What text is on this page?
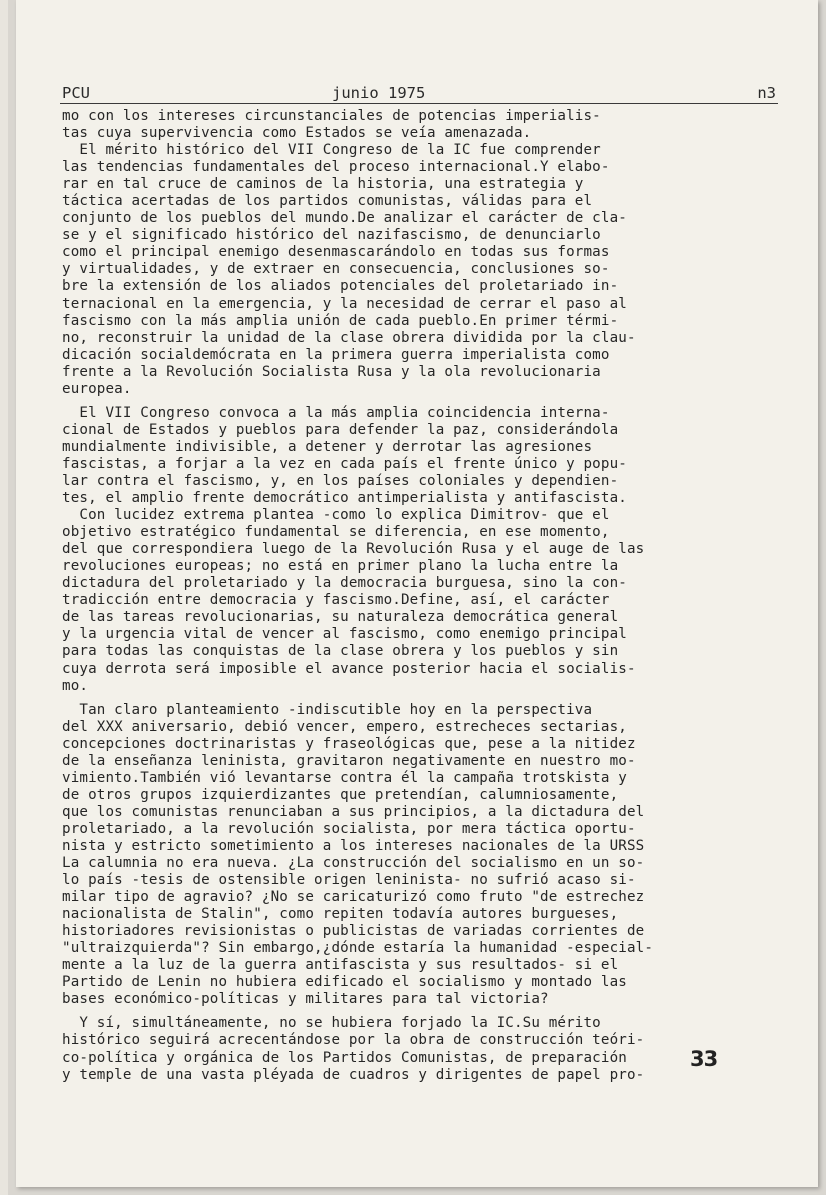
PCU	junio 1975	n3
mo con los intereses circunstanciales de potencias imperialis-
tas cuya supervivencia como Estados se veía amenazada.
El mérito histórico del VII Congreso de la IC fue comprender
las tendencias fundamentales del proceso internacional.Y elabo-
rar en tal cruce de caminos de la historia, una estrategia y
táctica acertadas de los partidos comunistas, válidas para el
conjunto de los pueblos del mundo.De analizar el carácter de cla-
se y el significado histórico del nazifascismo, de denunciarlo
como el principal enemigo desenmascarándolo en todas sus formas
y virtualidades, y de extraer en consecuencia, conclusiones so-
bre la extensión de los aliados potenciales del proletariado in-
ternacional en la emergencia, y la necesidad de cerrar el paso al
fascismo con la más amplia unión de cada pueblo.En primer térmi-
no, reconstruir la unidad de la clase obrera dividida por la clau-
dicación socialdemócrata en la primera guerra imperialista como
frente a la Revolución Socialista Rusa y la ola revolucionaria
europea.
El VII Congreso convoca a la más amplia coincidencia interna-
cional de Estados y pueblos para defender la paz, considerándola
mundialmente indivisible, a detener y derrotar las agresiones
fascistas, a forjar a la vez en cada país el frente único y popu-
lar contra el fascismo, y, en los países coloniales y dependien-
tes, el amplio frente democrático antimperialista y antifascista.
Con lucidez extrema plantea -como lo explica Dimitrov- que el
objetivo estratégico fundamental se diferencia, en ese momento,
del que correspondiera luego de la Revolución Rusa y el auge de las
revoluciones europeas; no está en primer plano la lucha entre la
dictadura del proletariado y la democracia burguesa, sino la con-
tradicción entre democracia y fascismo.Define, así, el carácter
de las tareas revolucionarias, su naturaleza democrática general
y la urgencia vital de vencer al fascismo, como enemigo principal
para todas las conquistas de la clase obrera y los pueblos y sin
cuya derrota será imposible el avance posterior hacia el socialis-
mo.
Tan claro planteamiento -indiscutible hoy en la perspectiva
del XXX aniversario, debió vencer, empero, estrecheces sectarias,
concepciones doctrinaristas y fraseológicas que, pese a la nitidez
de la enseñanza leninista, gravitaron negativamente en nuestro mo-
vimiento.También vió levantarse contra él la campaña trotskista y
de otros grupos izquierdizantes que pretendían, calumniosamente,
que los comunistas renunciaban a sus principios, a la dictadura del
proletariado, a la revolución socialista, por mera táctica oportu-
nista y estricto sometimiento a los intereses nacionales de la URSS
La calumnia no era nueva. ¿La construcción del socialismo en un so-
lo país -tesis de ostensible origen leninista- no sufrió acaso si-
milar tipo de agravio? ¿No se caricaturizó como fruto "de estrechez
nacionalista de Stalin", como repiten todavía autores burgueses,
historiadores revisionistas o publicistas de variadas corrientes de
"ultraizquierda"? Sin embargo,¿dónde estaría la humanidad -especial-
mente a la luz de la guerra antifascista y sus resultados- si el
Partido de Lenin no hubiera edificado el socialismo y montado las
bases económico-políticas y militares para tal victoria?
Y sí, simultáneamente, no se hubiera forjado la IC.Su mérito
histórico seguirá acrecentándose por la obra de construcción teóri-
co-política y orgánica de los Partidos Comunistas, de preparación
y temple de una vasta pléyada de cuadros y dirigentes de papel pro-
33
